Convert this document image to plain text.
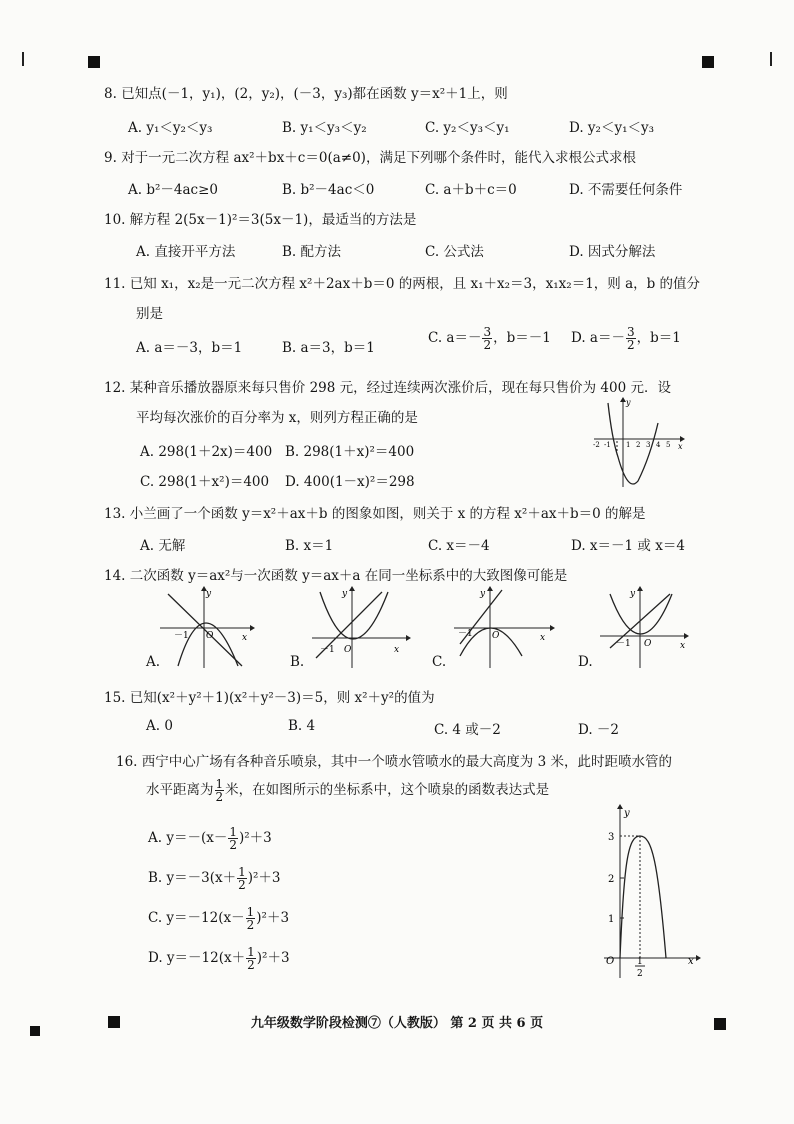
8. 已知点(－1，y₁)，(2，y₂)，(－3，y₃)都在函数 y＝x²＋1上，则
A. y₁＜y₂＜y₃	B. y₁＜y₃＜y₂	C. y₂＜y₃＜y₁	D. y₂＜y₁＜y₃
9. 对于一元二次方程 ax²＋bx＋c＝0(a≠0)，满足下列哪个条件时，能代入求根公式求根
A. b²－4ac≥0	B. b²－4ac＜0	C. a＋b＋c＝0	D. 不需要任何条件
10. 解方程 2(5x－1)²＝3(5x－1)，最适当的方法是
A. 直接开平方法	B. 配方法	C. 公式法	D. 因式分解法
11. 已知 x₁，x₂是一元二次方程 x²＋2ax＋b＝0 的两根，且 x₁＋x₂＝3，x₁x₂＝1，则 a，b 的值分
别是
A. a＝－3，b＝1	B. a＝3，b＝1
C. $a=- \frac{3}{2}$ ，b＝－1 D. $a=- \frac{3}{2}$ ，b＝1
12. 某种音乐播放器原来每只售价 298 元，经过连续两次涨价后，现在每只售价为 400 元．设
平均每次涨价的百分率为 x，则列方程正确的是
A. 298(1＋2x)＝400 B. 298(1＋x)²＝400
C. 298(1＋x²)＝400 D. 400(1－x)²＝298
y
x
-2 -1 1 2 3 4 5
13. 小兰画了一个函数 y＝x²＋ax＋b 的图象如图，则关于 x 的方程 x²＋ax＋b＝0 的解是
A. 无解	B. x＝1	C. x＝－4	D. x＝－1 或 x＝4
14. 二次函数 y＝ax²与一次函数 y＝ax＋a 在同一坐标系中的大致图像可能是
y
x
－1 O
A.
y
x
－1 O
B.
y
x
－1 O
C.
y
x
－1 O
D.
15. 已知(x²＋y²＋1)(x²＋y²－3)＝5，则 x²＋y²的值为
A. 0	B. 4	C. 4 或－2	D. －2
16. 西宁中心广场有各种音乐喷泉，其中一个喷水管喷水的最大高度为 3 米，此时距喷水管的
水平距离为 $\frac{1}{2}$ 米，在如图所示的坐标系中，这个喷泉的函数表达式是
A. $y=-(x- \frac{1}{2} )^2+3$
B. $y=-3(x+ \frac{1}{2} )^2+3$
C. $y=-12(x- \frac{1}{2} )^2+3$
D. $y=-12(x+ \frac{1}{2} )^2+3$
y
x
3
2
1
O	1
2
九年级数学阶段检测⑦（人教版） 第 2 页 共 6 页
